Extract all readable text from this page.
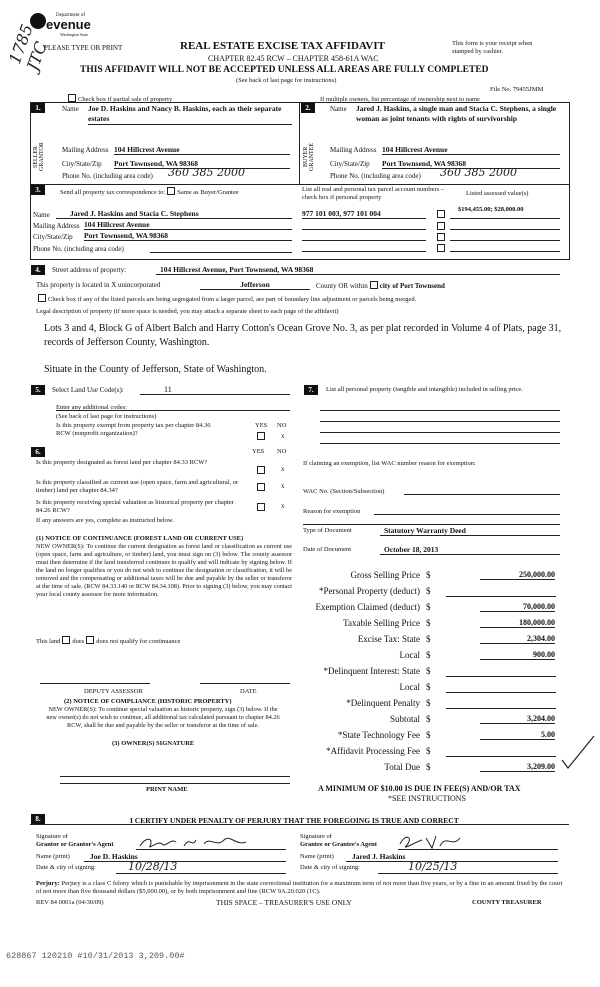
Department of
evenue
Washington State
1785 JTC
PLEASE TYPE OR PRINT	REAL ESTATE EXCISE TAX AFFIDAVIT
CHAPTER 82.45 RCW – CHAPTER 458-61A WAC
This form is your receipt when stamped by cashier.
THIS AFFIDAVIT WILL NOT BE ACCEPTED UNLESS ALL AREAS ARE FULLY COMPLETED
(See back of last page for instructions)
File No. 79455JMM
Check box if partial sale of property	If multiple owners, list percentage of ownership next to name
1.
SELLER GRANTOR
Name Joe D. Haskins and Nancy B. Haskins, each as their separate estates
Mailing Address 104 Hillcrest Avenue
City/State/Zip Port Townsend, WA 98368
Phone No. (including area code) 360 385 2000
2.
BUYER GRANTEE
Name Jared J. Haskins, a single man and Stacia C. Stephens, a single woman as joint tenants with rights of survivorship
Mailing Address 104 Hillcrest Avenue
City/State/Zip Port Townsend, WA 98368
Phone No. (including area code) 360 385 2000
3.	Send all property tax correspondence to: Same as Buyer/Grantee	List all real and personal tax parcel account numbers – check box if personal property
Listed assessed value(s)
$194,455.00; $28,000.00
Name	Jared J. Haskins and Stacia C. Stephens
Mailing Address 104 Hillcrest Avenue
City/State/Zip Port Townsend, WA 98368
Phone No. (including area code)
977 101 003, 977 101 004
4.	Street address of property:	104 Hillcrest Avenue, Port Townsend, WA 98368
This property is located in X unincorporated	Jefferson	County OR within city of Port Townsend
Check box if any of the listed parcels are being segregated from a larger parcel, are part of boundary line adjustment or parcels being merged.
Legal description of property (if more space is needed, you may attach a separate sheet to each page of the affidavit)
Lots 3 and 4, Block G of Albert Balch and Harry Cotton's Ocean Grove No. 3, as per plat recorded in Volume 4 of Plats, page 31, records of Jefferson County, Washington.
Situate in the County of Jefferson, State of Washington.
5.	Select Land Use Code(s):	11
Enter any additional codes:
(See back of last page for instructions)
Is this property exempt from property tax per chapter 84.36 RCW (nonprofit organization)?
YES NO
x
6.	YES NO
Is this property designated as forest land per chapter 84.33 RCW?
x
Is this property classified as current use (open space, farm and agricultural, or timber) land per chapter 84.34?
x
Is this property receiving special valuation as historical property per chapter 84.26 RCW?
x
If any answers are yes, complete as instructed below.
(1) NOTICE OF CONTINUANCE (FOREST LAND OR CURRENT USE)
NEW OWNER(S): To continue the current designation as forest land or classification as current use (open space, farm and agriculture, or timber) land, you must sign on (3) below. The county assessor must then determine if the land transferred continues to qualify and will indicate by signing below. If the land no longer qualifies or you do not wish to continue the designation or classification, it will be removed and the compensating or additional taxes will be due and payable by the seller or transferor at the time of sale. (RCW 84.33.140 or RCW 84.34.108). Prior to signing (3) below, you may contact your local county assessor for more information.
This land does does not qualify for continuance
DEPUTY ASSESSOR	DATE
(2) NOTICE OF COMPLIANCE (HISTORIC PROPERTY)
NEW OWNER(S): To continue special valuation as historic property, sign (3) below. If the new owner(s) do not wish to continue, all additional tax calculated pursuant to chapter 84.26 RCW, shall be due and payable by the seller or transferor at the time of sale.
(3) OWNER(S) SIGNATURE
PRINT NAME
7.	List all personal property (tangible and intangible) included in selling price.
If claiming an exemption, list WAC number reason for exemption:
WAC No. (Section/Subsection)
Reason for exemption
Type of Document	Statutory Warranty Deed
Date of Document	October 18, 2013
Gross Selling Price $	250,000.00
*Personal Property (deduct) $
Exemption Claimed (deduct) $	70,000.00
Taxable Selling Price $	180,000.00
Excise Tax: State $	2,304.00
Local $	900.00
*Delinquent Interest: State $
Local $
*Delinquent Penalty $
Subtotal $	3,204.00
*State Technology Fee $	5.00
*Affidavit Processing Fee $
Total Due $	3,209.00
A MINIMUM OF $10.00 IS DUE IN FEE(S) AND/OR TAX
*SEE INSTRUCTIONS
8.	I CERTIFY UNDER PENALTY OF PERJURY THAT THE FOREGOING IS TRUE AND CORRECT
Signature of
Grantor or Grantor's Agent
Name (print)	Joe D. Haskins
Date & city of signing:	10/28/13
Signature of
Grantee or Grantee's Agent
Name (print)	Jared J. Haskins
Date & city of signing:	10/25/13
Perjury: Perjury is a class C felony which is punishable by imprisonment in the state correctional institution for a maximum term of not more than five years, or by a fine in an amount fixed by the court of not more than five thousand dollars ($5,000.00), or by both imprisonment and fine (RCW 9A.20.020 (1C).
REV 84 0001a (04/30/09)	THIS SPACE – TREASURER'S USE ONLY	COUNTY TREASURER
628867 120210 #10/31/2013 3,209.00#
